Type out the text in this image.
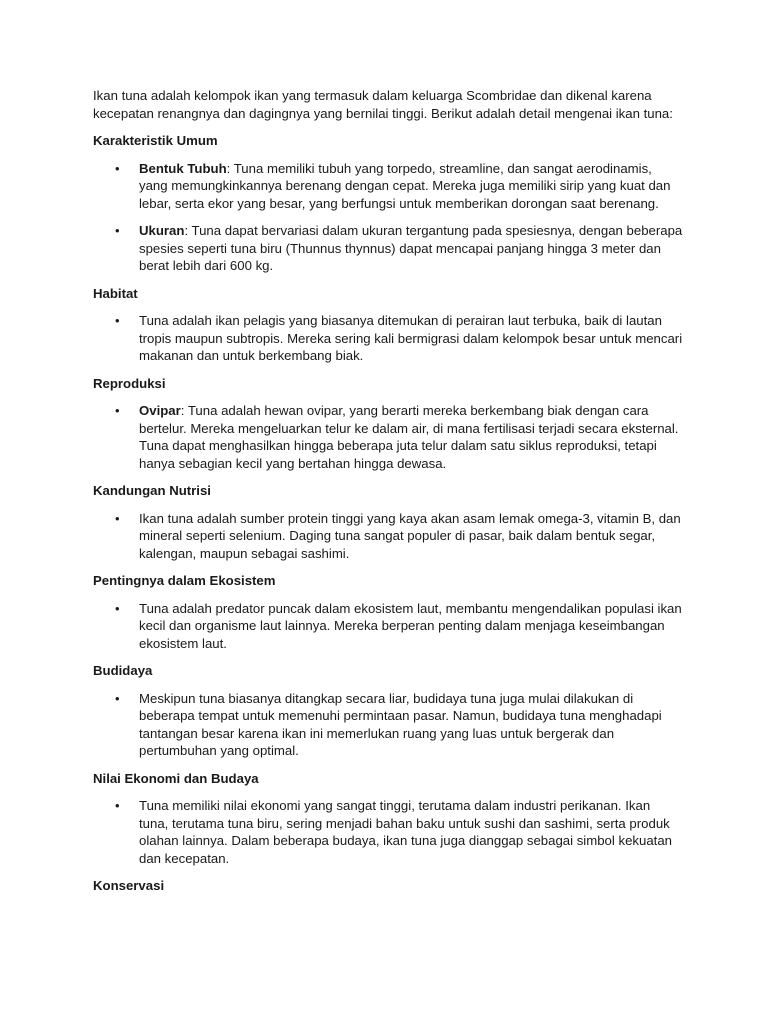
Ikan tuna adalah kelompok ikan yang termasuk dalam keluarga Scombridae dan dikenal karena kecepatan renangnya dan dagingnya yang bernilai tinggi. Berikut adalah detail mengenai ikan tuna:

Karakteristik Umum

• Bentuk Tubuh: Tuna memiliki tubuh yang torpedo, streamline, dan sangat aerodinamis, yang memungkinkannya berenang dengan cepat. Mereka juga memiliki sirip yang kuat dan lebar, serta ekor yang besar, yang berfungsi untuk memberikan dorongan saat berenang.
• Ukuran: Tuna dapat bervariasi dalam ukuran tergantung pada spesiesnya, dengan beberapa spesies seperti tuna biru (Thunnus thynnus) dapat mencapai panjang hingga 3 meter dan berat lebih dari 600 kg.

Habitat

• Tuna adalah ikan pelagis yang biasanya ditemukan di perairan laut terbuka, baik di lautan tropis maupun subtropis. Mereka sering kali bermigrasi dalam kelompok besar untuk mencari makanan dan untuk berkembang biak.

Reproduksi

• Ovipar: Tuna adalah hewan ovipar, yang berarti mereka berkembang biak dengan cara bertelur. Mereka mengeluarkan telur ke dalam air, di mana fertilisasi terjadi secara eksternal. Tuna dapat menghasilkan hingga beberapa juta telur dalam satu siklus reproduksi, tetapi hanya sebagian kecil yang bertahan hingga dewasa.

Kandungan Nutrisi

• Ikan tuna adalah sumber protein tinggi yang kaya akan asam lemak omega-3, vitamin B, dan mineral seperti selenium. Daging tuna sangat populer di pasar, baik dalam bentuk segar, kalengan, maupun sebagai sashimi.

Pentingnya dalam Ekosistem

• Tuna adalah predator puncak dalam ekosistem laut, membantu mengendalikan populasi ikan kecil dan organisme laut lainnya. Mereka berperan penting dalam menjaga keseimbangan ekosistem laut.

Budidaya

• Meskipun tuna biasanya ditangkap secara liar, budidaya tuna juga mulai dilakukan di beberapa tempat untuk memenuhi permintaan pasar. Namun, budidaya tuna menghadapi tantangan besar karena ikan ini memerlukan ruang yang luas untuk bergerak dan pertumbuhan yang optimal.

Nilai Ekonomi dan Budaya

• Tuna memiliki nilai ekonomi yang sangat tinggi, terutama dalam industri perikanan. Ikan tuna, terutama tuna biru, sering menjadi bahan baku untuk sushi dan sashimi, serta produk olahan lainnya. Dalam beberapa budaya, ikan tuna juga dianggap sebagai simbol kekuatan dan kecepatan.

Konservasi
